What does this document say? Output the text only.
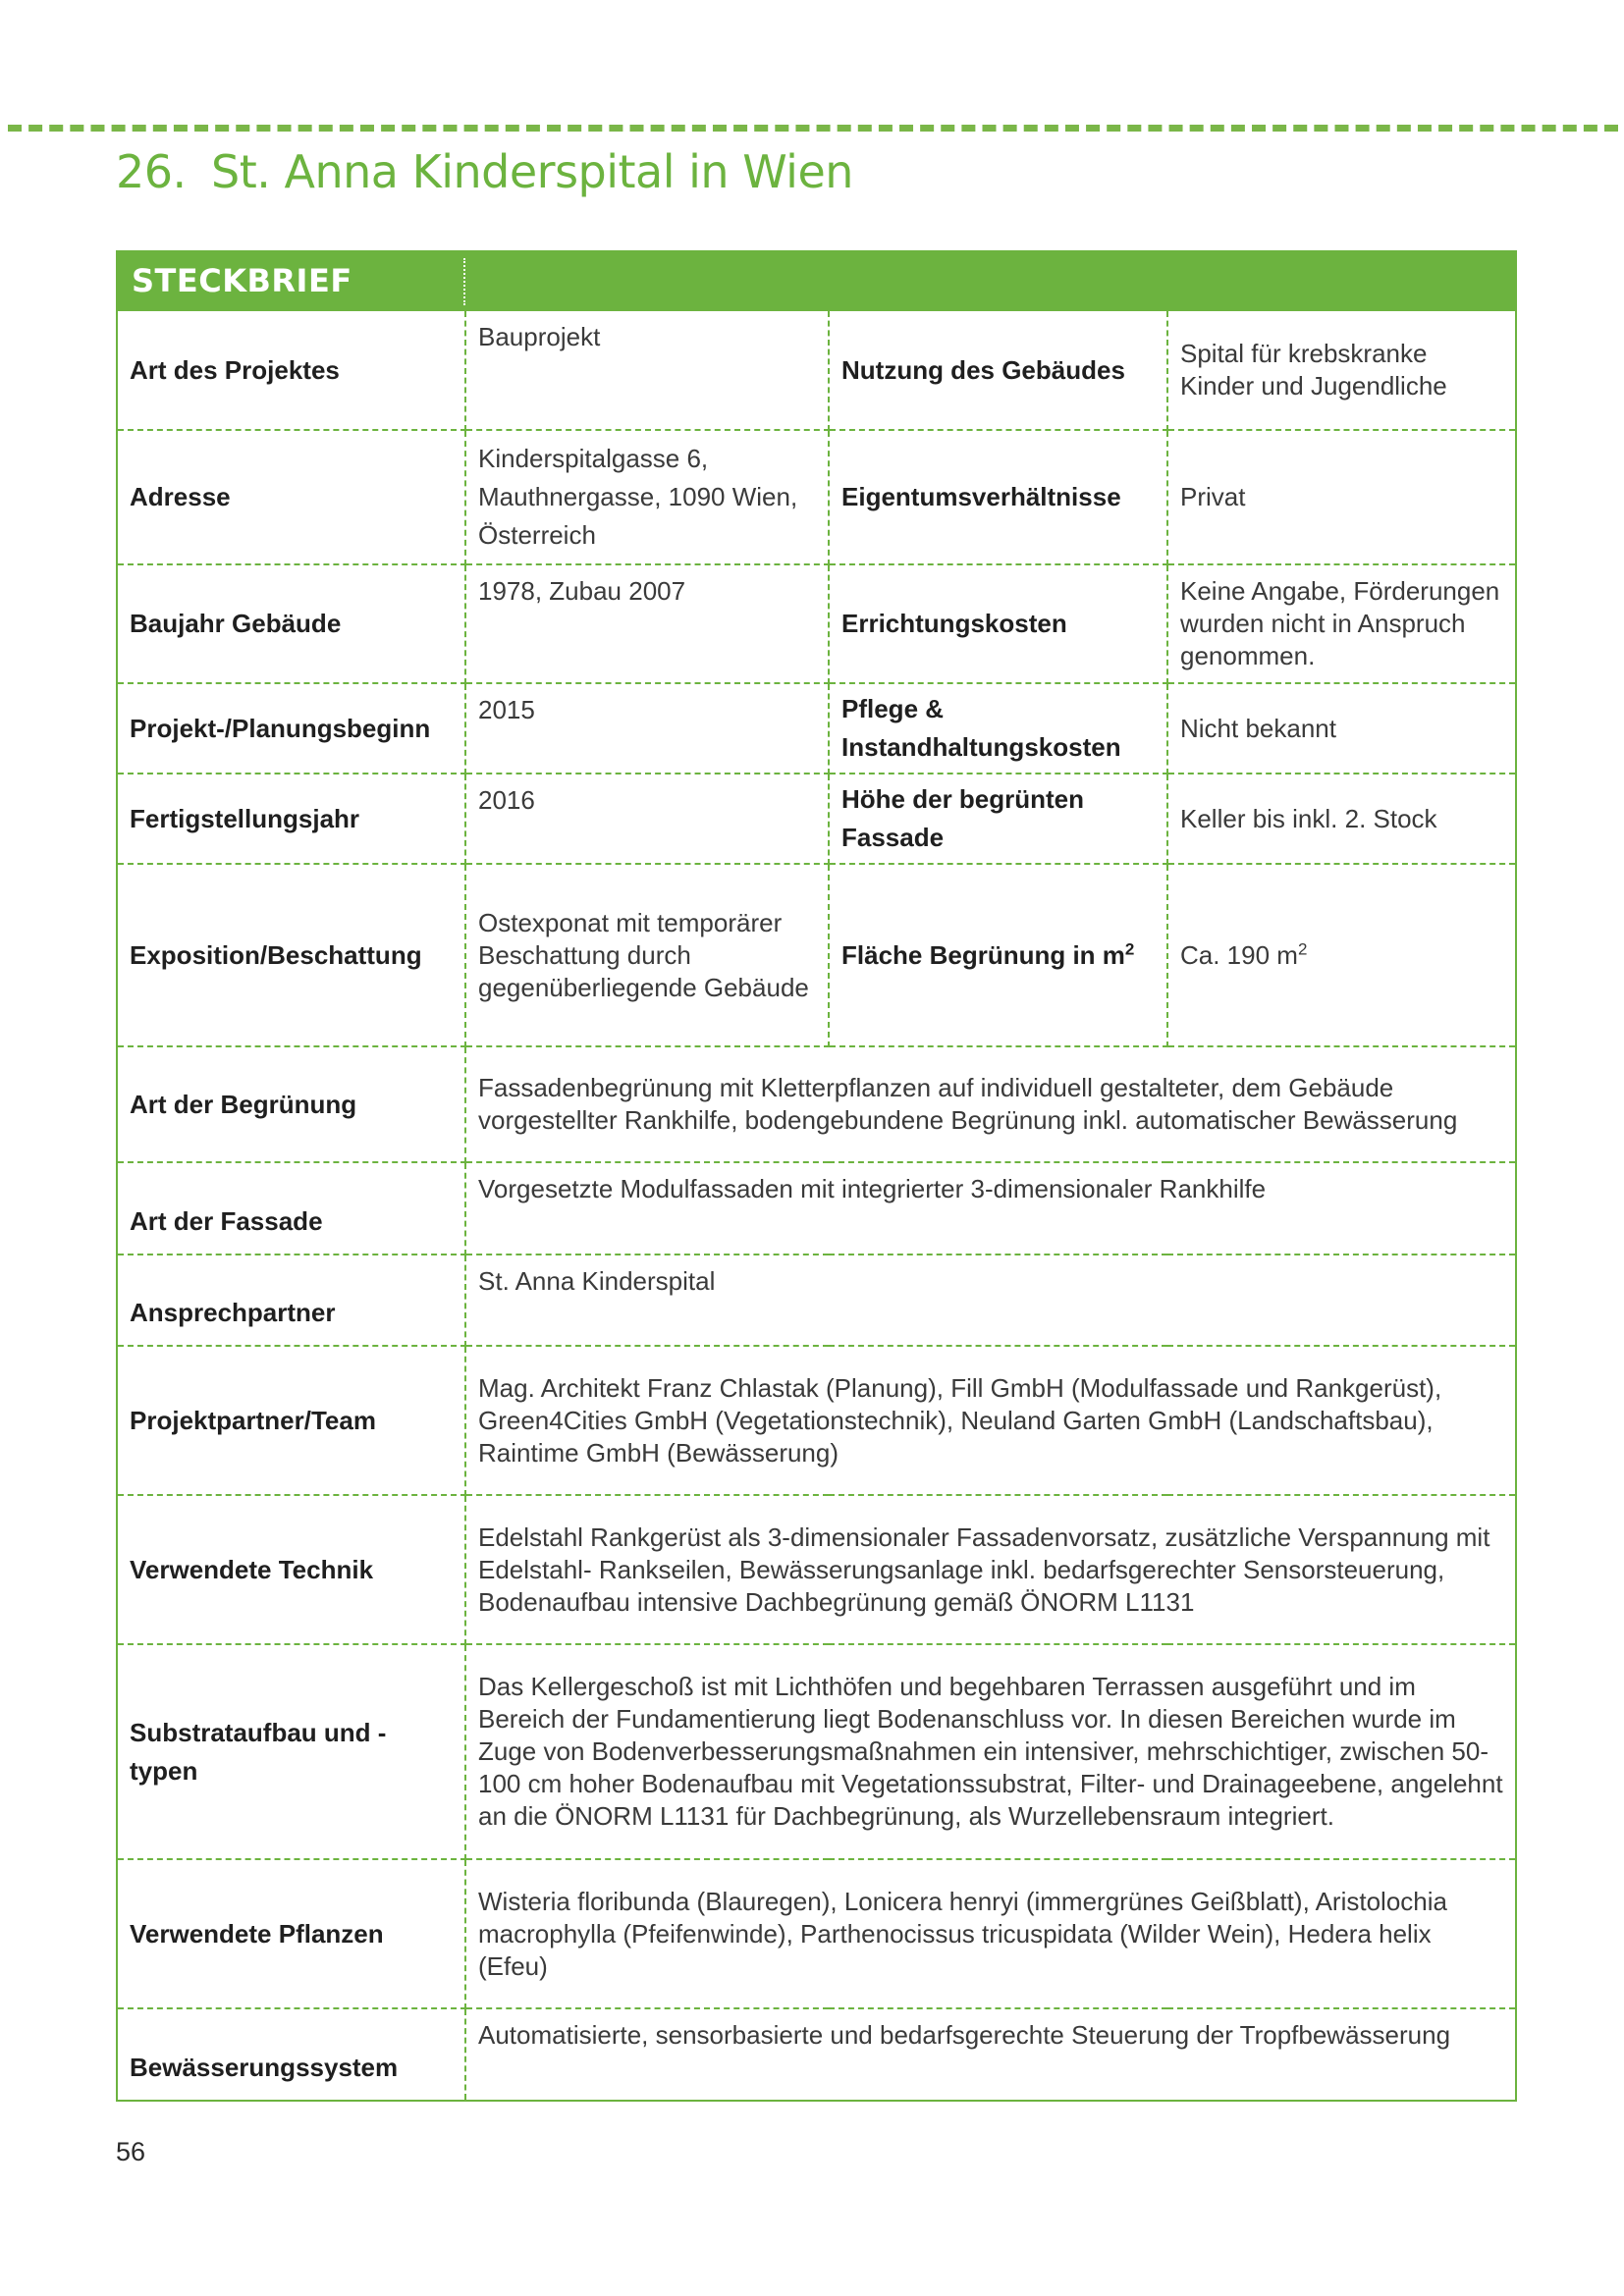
26. St. Anna Kinderspital in Wien
STECKBRIEF
Art des Projektes	Bauprojekt	Nutzung des Gebäudes	Spital für krebskranke Kinder und Jugendliche
Adresse	Kinderspitalgasse 6, Mauthnergasse, 1090 Wien, Österreich	Eigentumsverhältnisse	Privat
Baujahr Gebäude	1978, Zubau 2007	Errichtungskosten	Keine Angabe, Förderungen wurden nicht in Anspruch genommen.
Projekt-/Planungsbeginn	2015	Pflege & Instandhaltungskosten	Nicht bekannt
Fertigstellungsjahr	2016	Höhe der begrünten Fassade	Keller bis inkl. 2. Stock
Exposition/Beschattung	Ostexponat mit temporärer Beschattung durch gegenüberliegende Gebäude	Fläche Begrünung in $m^2$	Ca. 190 $m^2$
Art der Begrünung	Fassadenbegrünung mit Kletterpflanzen auf individuell gestalteter, dem Gebäude vorgestellter Rankhilfe, bodengebundene Begrünung inkl. automatischer Bewässerung		
Art der Fassade	Vorgesetzte Modulfassaden mit integrierter 3-dimensionaler Rankhilfe		
Ansprechpartner	St. Anna Kinderspital		
Projektpartner/Team	Mag. Architekt Franz Chlastak (Planung), Fill GmbH (Modulfassade und Rankgerüst), Green4Cities GmbH (Vegetationstechnik), Neuland Garten GmbH (Landschaftsbau), Raintime GmbH (Bewässerung)		
Verwendete Technik	Edelstahl Rankgerüst als 3-dimensionaler Fassadenvorsatz, zusätzliche Verspannung mit Edelstahl- Rankseilen, Bewässerungsanlage inkl. bedarfsgerechter Sensorsteuerung, Bodenaufbau intensive Dachbegrünung gemäß ÖNORM L1131		
Substrataufbau und -typen	Das Kellergeschoß ist mit Lichthöfen und begehbaren Terrassen ausgeführt und im Bereich der Fundamentierung liegt Bodenanschluss vor. In diesen Bereichen wurde im Zuge von Bodenverbesserungsmaßnahmen ein intensiver, mehrschichtiger, zwischen 50-100 cm hoher Bodenaufbau mit Vegetationssubstrat, Filter- und Drainageebene, angelehnt an die ÖNORM L1131 für Dachbegrünung, als Wurzellebensraum integriert.		
Verwendete Pflanzen	Wisteria floribunda (Blauregen), Lonicera henryi (immergrünes Geißblatt), Aristolochia macrophylla (Pfeifenwinde), Parthenocissus tricuspidata (Wilder Wein), Hedera helix (Efeu)		
Bewässerungssystem	Automatisierte, sensorbasierte und bedarfsgerechte Steuerung der Tropfbewässerung		
56
